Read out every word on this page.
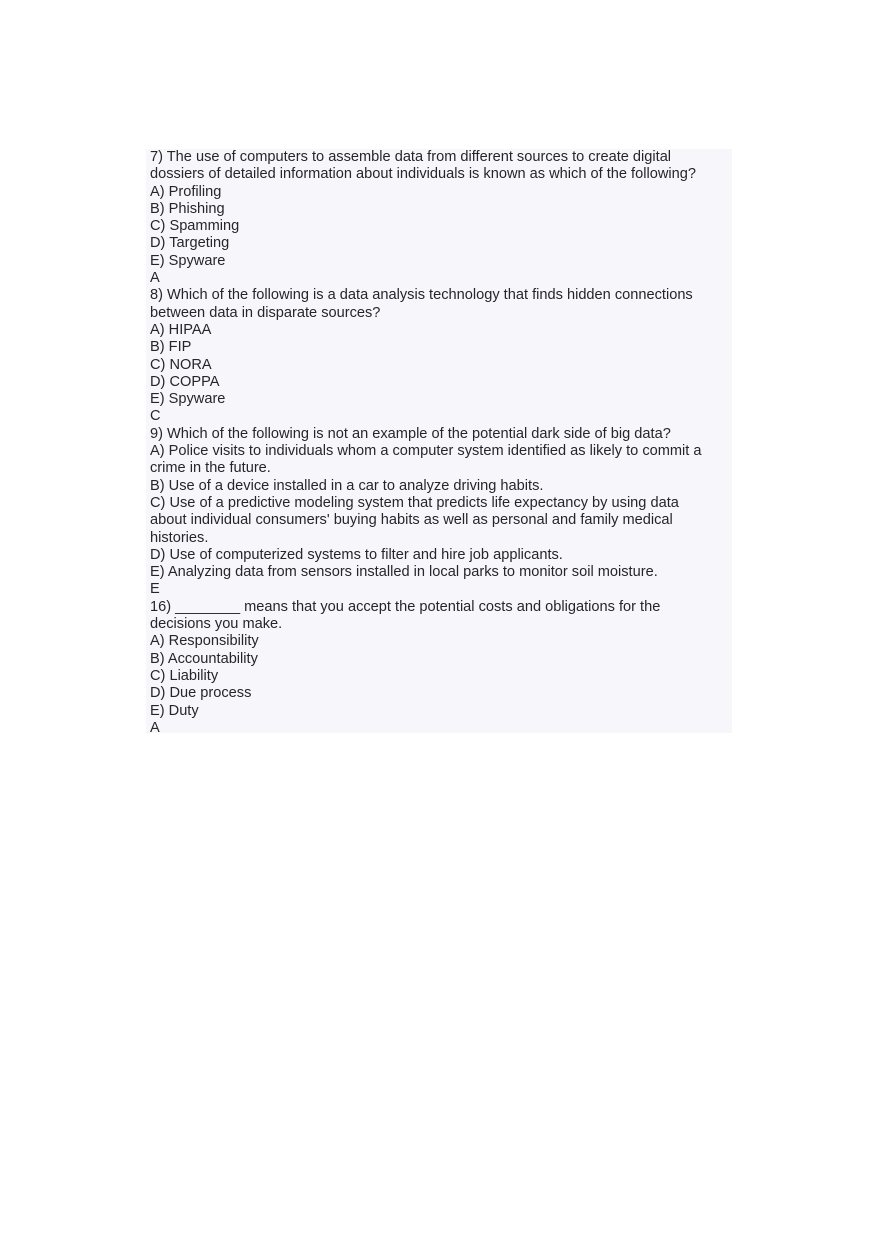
7) The use of computers to assemble data from different sources to create digital

dossiers of detailed information about individuals is known as which of the following?

A) Profiling

B) Phishing

C) Spamming

D) Targeting

E) Spyware

A

8) Which of the following is a data analysis technology that finds hidden connections

between data in disparate sources?

A) HIPAA

B) FIP

C) NORA

D) COPPA

E) Spyware

C

9) Which of the following is not an example of the potential dark side of big data?

A) Police visits to individuals whom a computer system identified as likely to commit a

crime in the future.

B) Use of a device installed in a car to analyze driving habits.

C) Use of a predictive modeling system that predicts life expectancy by using data

about individual consumers' buying habits as well as personal and family medical

histories.

D) Use of computerized systems to filter and hire job applicants.

E) Analyzing data from sensors installed in local parks to monitor soil moisture.

E

16) ________ means that you accept the potential costs and obligations for the

decisions you make.

A) Responsibility

B) Accountability

C) Liability

D) Due process

E) Duty

A
